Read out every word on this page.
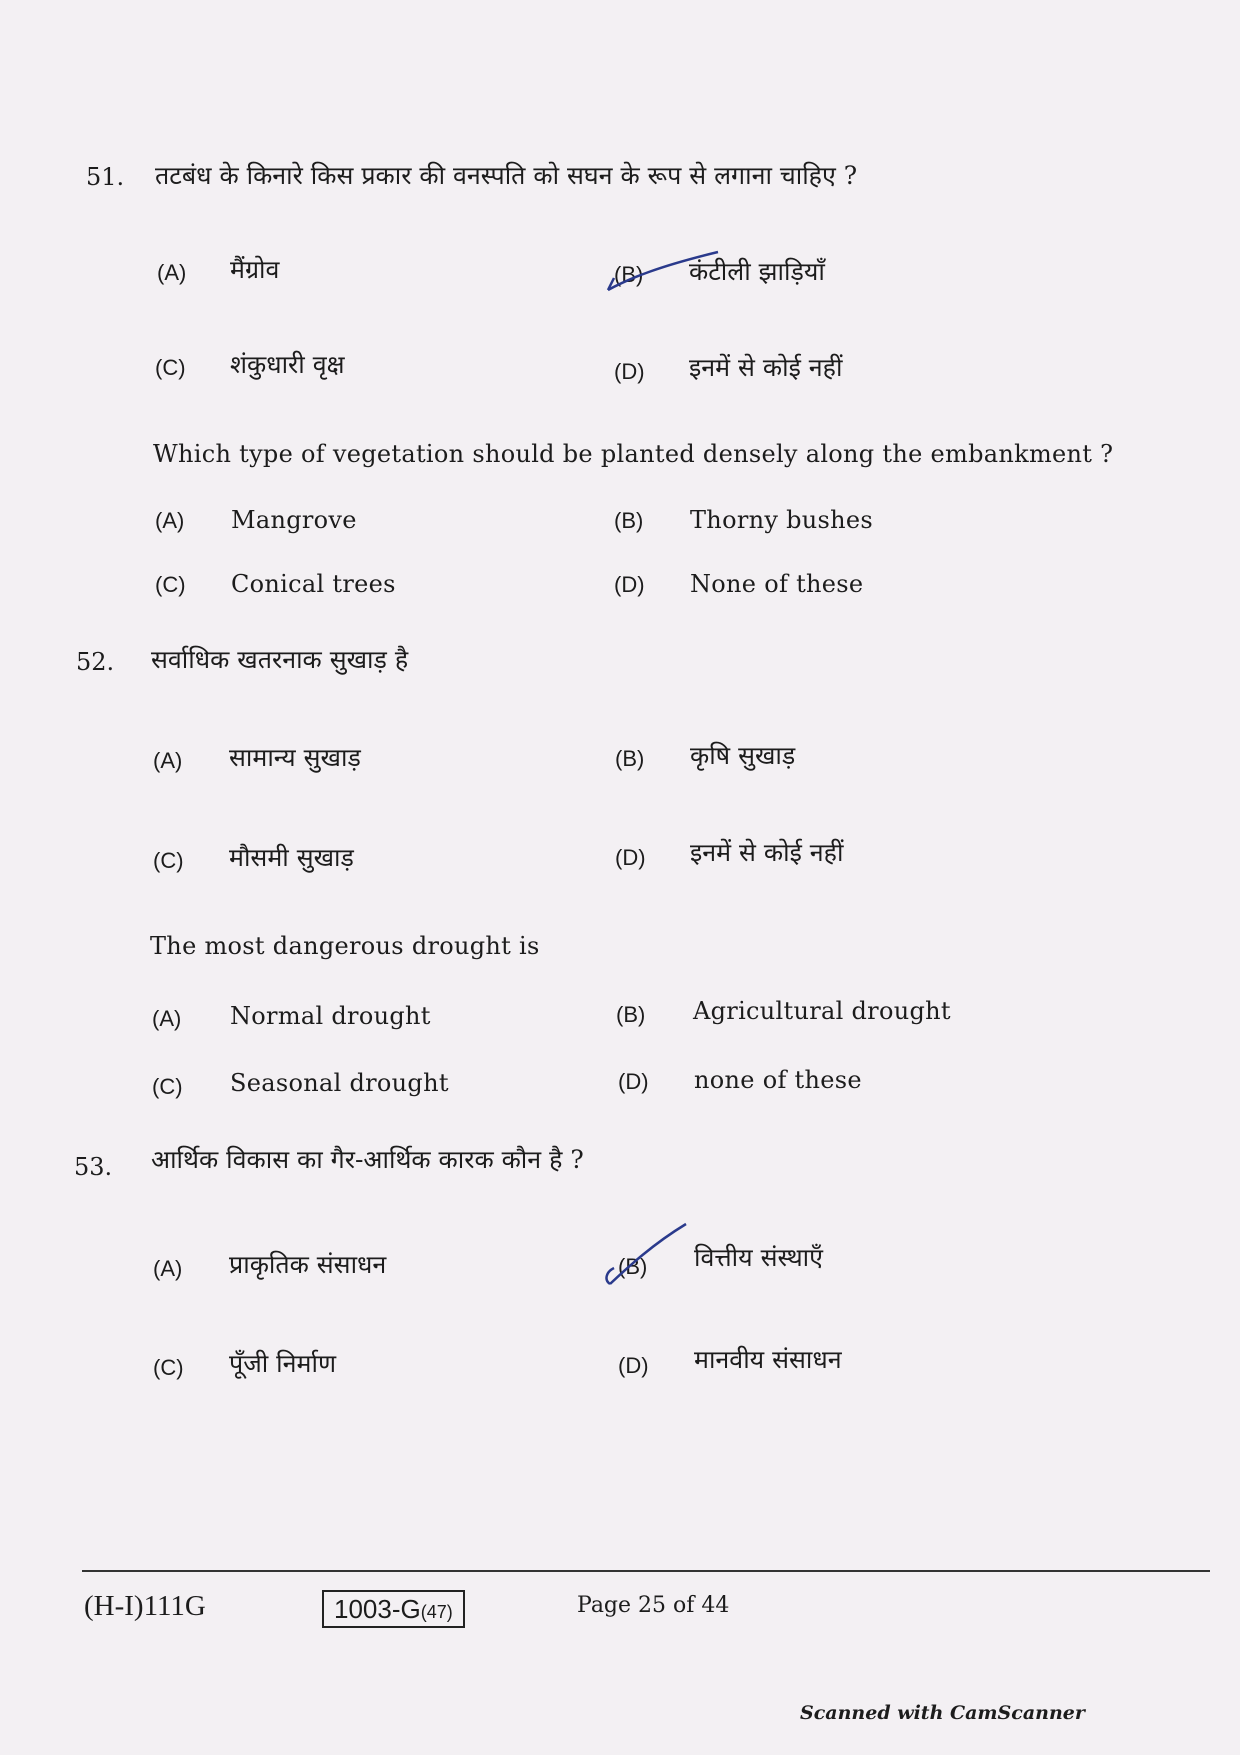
51. तटबंध के किनारे किस प्रकार की वनस्पति को सघन के रूप से लगाना चाहिए ?
(A) मैंग्रोव	(B) कंटीली झाड़ियाँ
(C) शंकुधारी वृक्ष	(D) इनमें से कोई नहीं
Which type of vegetation should be planted densely along the embankment ?
(A) Mangrove	(B) Thorny bushes
(C) Conical trees	(D) None of these
52. सर्वाधिक खतरनाक सुखाड़ है
(A) सामान्य सुखाड़	(B) कृषि सुखाड़
(C) मौसमी सुखाड़	(D) इनमें से कोई नहीं
The most dangerous drought is
(A) Normal drought	(B) Agricultural drought
(C) Seasonal drought	(D) none of these
53. आर्थिक विकास का गैर-आर्थिक कारक कौन है ?
(A) प्राकृतिक संसाधन	(B) वित्तीय संस्थाएँ
(C) पूँजी निर्माण	(D) मानवीय संसाधन
(H-I)111G	1003-G(47)	Page 25 of 44
Scanned with CamScanner
